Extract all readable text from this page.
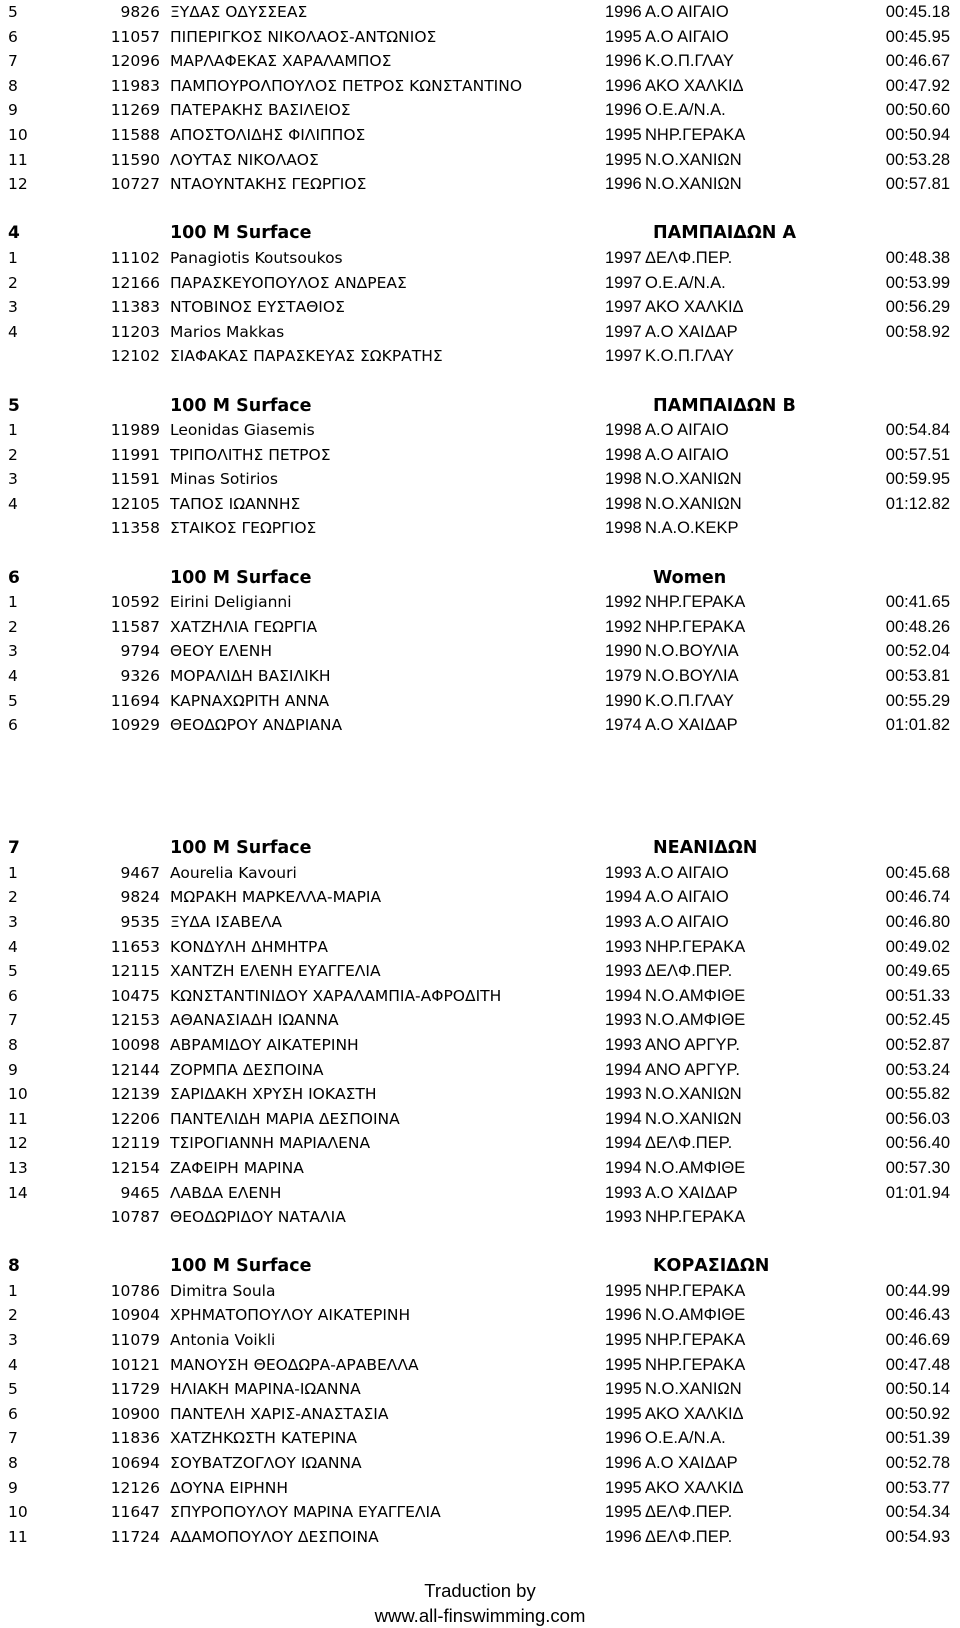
5	9826 ΞΥΔΑΣ ΟΔΥΣΣΕΑΣ	1996 Α.Ο ΑΙΓΑΙΟ	00:45.18
6	11057 ΠΙΠΕΡΙΓΚΟΣ ΝΙΚΟΛΑΟΣ-ΑΝΤΩΝΙΟΣ	1995 Α.Ο ΑΙΓΑΙΟ	00:45.95
7	12096 ΜΑΡΛΑΦΕΚΑΣ ΧΑΡΑΛΑΜΠΟΣ	1996 Κ.Ο.Π.ΓΛΑΥ	00:46.67
8	11983 ΠΑΜΠΟΥΡΟΛΠΟΥΛΟΣ ΠΕΤΡΟΣ ΚΩΝΣΤΑΝΤΙΝΟ	1996 ΑΚΟ ΧΑΛΚΙΔ	00:47.92
9	11269 ΠΑΤΕΡΑΚΗΣ ΒΑΣΙΛΕΙΟΣ	1996 Ο.Ε.Α/Ν.Α.	00:50.60
10	11588 ΑΠΟΣΤΟΛΙΔΗΣ ΦΙΛΙΠΠΟΣ	1995 ΝΗΡ.ΓΕΡΑΚΑ	00:50.94
11	11590 ΛΟΥΤΑΣ ΝΙΚΟΛΑΟΣ	1995 Ν.Ο.ΧΑΝΙΩΝ	00:53.28
12	10727 ΝΤΑΟΥΝΤΑΚΗΣ ΓΕΩΡΓΙΟΣ	1996 Ν.Ο.ΧΑΝΙΩΝ	00:57.81
4	100 M Surface	ΠΑΜΠΑΙΔΩΝ Α
1	11102 Panagiotis Koutsoukos	1997 ΔΕΛΦ.ΠΕΡ.	00:48.38
2	12166 ΠΑΡΑΣΚΕΥΟΠΟΥΛΟΣ ΑΝΔΡΕΑΣ	1997 Ο.Ε.Α/Ν.Α.	00:53.99
3	11383 ΝΤΟΒΙΝΟΣ ΕΥΣΤΑΘΙΟΣ	1997 ΑΚΟ ΧΑΛΚΙΔ	00:56.29
4	11203 Marios Makkas	1997 Α.Ο ΧΑΙΔΑΡ	00:58.92
12102 ΣΙΑΦΑΚΑΣ ΠΑΡΑΣΚΕΥΑΣ ΣΩΚΡΑΤΗΣ	1997 Κ.Ο.Π.ΓΛΑΥ
5	100 M Surface	ΠΑΜΠΑΙΔΩΝ Β
1	11989 Leonidas Giasemis	1998 Α.Ο ΑΙΓΑΙΟ	00:54.84
2	11991 ΤΡΙΠΟΛΙΤΗΣ ΠΕΤΡΟΣ	1998 Α.Ο ΑΙΓΑΙΟ	00:57.51
3	11591 Minas Sotirios	1998 Ν.Ο.ΧΑΝΙΩΝ	00:59.95
4	12105 ΤΑΠΟΣ ΙΩΑΝΝΗΣ	1998 Ν.Ο.ΧΑΝΙΩΝ	01:12.82
11358 ΣΤΑΙΚΟΣ ΓΕΩΡΓΙΟΣ	1998 Ν.Α.Ο.ΚΕΚΡ
6	100 M Surface	Women
1	10592 Eirini Deligianni	1992 ΝΗΡ.ΓΕΡΑΚΑ	00:41.65
2	11587 ΧΑΤΖΗΛΙΑ ΓΕΩΡΓΙΑ	1992 ΝΗΡ.ΓΕΡΑΚΑ	00:48.26
3	9794 ΘΕΟΥ ΕΛΕΝΗ	1990 Ν.Ο.ΒΟΥΛΙΑ	00:52.04
4	9326 ΜΟΡΑΛΙΔΗ ΒΑΣΙΛΙΚΗ	1979 Ν.Ο.ΒΟΥΛΙΑ	00:53.81
5	11694 ΚΑΡΝΑΧΩΡΙΤΗ ΑΝΝΑ	1990 Κ.Ο.Π.ΓΛΑΥ	00:55.29
6	10929 ΘΕΟΔΩΡΟΥ ΑΝΔΡΙΑΝΑ	1974 Α.Ο ΧΑΙΔΑΡ	01:01.82
7	100 M Surface	ΝΕΑΝΙΔΩΝ
1	9467 Aourelia Kavouri	1993 Α.Ο ΑΙΓΑΙΟ	00:45.68
2	9824 ΜΩΡΑΚΗ ΜΑΡΚΕΛΛΑ-ΜΑΡΙΑ	1994 Α.Ο ΑΙΓΑΙΟ	00:46.74
3	9535 ΞΥΔΑ ΙΣΑΒΕΛΑ	1993 Α.Ο ΑΙΓΑΙΟ	00:46.80
4	11653 ΚΟΝΔΥΛΗ ΔΗΜΗΤΡΑ	1993 ΝΗΡ.ΓΕΡΑΚΑ	00:49.02
5	12115 ΧΑΝΤΖΗ ΕΛΕΝΗ ΕΥΑΓΓΕΛΙΑ	1993 ΔΕΛΦ.ΠΕΡ.	00:49.65
6	10475 ΚΩΝΣΤΑΝΤΙΝΙΔΟΥ ΧΑΡΑΛΑΜΠΙΑ-ΑΦΡΟΔΙΤΗ	1994 Ν.Ο.ΑΜΦΙΘΕ	00:51.33
7	12153 ΑΘΑΝΑΣΙΑΔΗ ΙΩΑΝΝΑ	1993 Ν.Ο.ΑΜΦΙΘΕ	00:52.45
8	10098 ΑΒΡΑΜΙΔΟΥ ΑΙΚΑΤΕΡΙΝΗ	1993 ΑΝΟ ΑΡΓΥΡ.	00:52.87
9	12144 ΖΟΡΜΠΑ ΔΕΣΠΟΙΝΑ	1994 ΑΝΟ ΑΡΓΥΡ.	00:53.24
10	12139 ΣΑΡΙΔΑΚΗ ΧΡΥΣΗ ΙΟΚΑΣΤΗ	1993 Ν.Ο.ΧΑΝΙΩΝ	00:55.82
11	12206 ΠΑΝΤΕΛΙΔΗ ΜΑΡΙΑ ΔΕΣΠΟΙΝΑ	1994 Ν.Ο.ΧΑΝΙΩΝ	00:56.03
12	12119 ΤΣΙΡΟΓΙΑΝΝΗ ΜΑΡΙΑΛΕΝΑ	1994 ΔΕΛΦ.ΠΕΡ.	00:56.40
13	12154 ΖΑΦΕΙΡΗ ΜΑΡΙΝΑ	1994 Ν.Ο.ΑΜΦΙΘΕ	00:57.30
14	9465 ΛΑΒΔΑ ΕΛΕΝΗ	1993 Α.Ο ΧΑΙΔΑΡ	01:01.94
10787 ΘΕΟΔΩΡΙΔΟΥ ΝΑΤΑΛΙΑ	1993 ΝΗΡ.ΓΕΡΑΚΑ
8	100 M Surface	ΚΟΡΑΣΙΔΩΝ
1	10786 Dimitra Soula	1995 ΝΗΡ.ΓΕΡΑΚΑ	00:44.99
2	10904 ΧΡΗΜΑΤΟΠΟΥΛΟΥ ΑΙΚΑΤΕΡΙΝΗ	1996 Ν.Ο.ΑΜΦΙΘΕ	00:46.43
3	11079 Antonia Voikli	1995 ΝΗΡ.ΓΕΡΑΚΑ	00:46.69
4	10121 ΜΑΝΟΥΣΗ ΘΕΟΔΩΡΑ-ΑΡΑΒΕΛΛΑ	1995 ΝΗΡ.ΓΕΡΑΚΑ	00:47.48
5	11729 ΗΛΙΑΚΗ ΜΑΡΙΝΑ-ΙΩΑΝΝΑ	1995 Ν.Ο.ΧΑΝΙΩΝ	00:50.14
6	10900 ΠΑΝΤΕΛΗ ΧΑΡΙΣ-ΑΝΑΣΤΑΣΙΑ	1995 ΑΚΟ ΧΑΛΚΙΔ	00:50.92
7	11836 ΧΑΤΖΗΚΩΣΤΗ ΚΑΤΕΡΙΝΑ	1996 Ο.Ε.Α/Ν.Α.	00:51.39
8	10694 ΣΟΥΒΑΤΖΟΓΛΟΥ ΙΩΑΝΝΑ	1996 Α.Ο ΧΑΙΔΑΡ	00:52.78
9	12126 ΔΟΥΝΑ ΕΙΡΗΝΗ	1995 ΑΚΟ ΧΑΛΚΙΔ	00:53.77
10	11647 ΣΠΥΡΟΠΟΥΛΟΥ ΜΑΡΙΝΑ ΕΥΑΓΓΕΛΙΑ	1995 ΔΕΛΦ.ΠΕΡ.	00:54.34
11	11724 ΑΔΑΜΟΠΟΥΛΟΥ ΔΕΣΠΟΙΝΑ	1996 ΔΕΛΦ.ΠΕΡ.	00:54.93
Traduction by
www.all-finswimming.com
